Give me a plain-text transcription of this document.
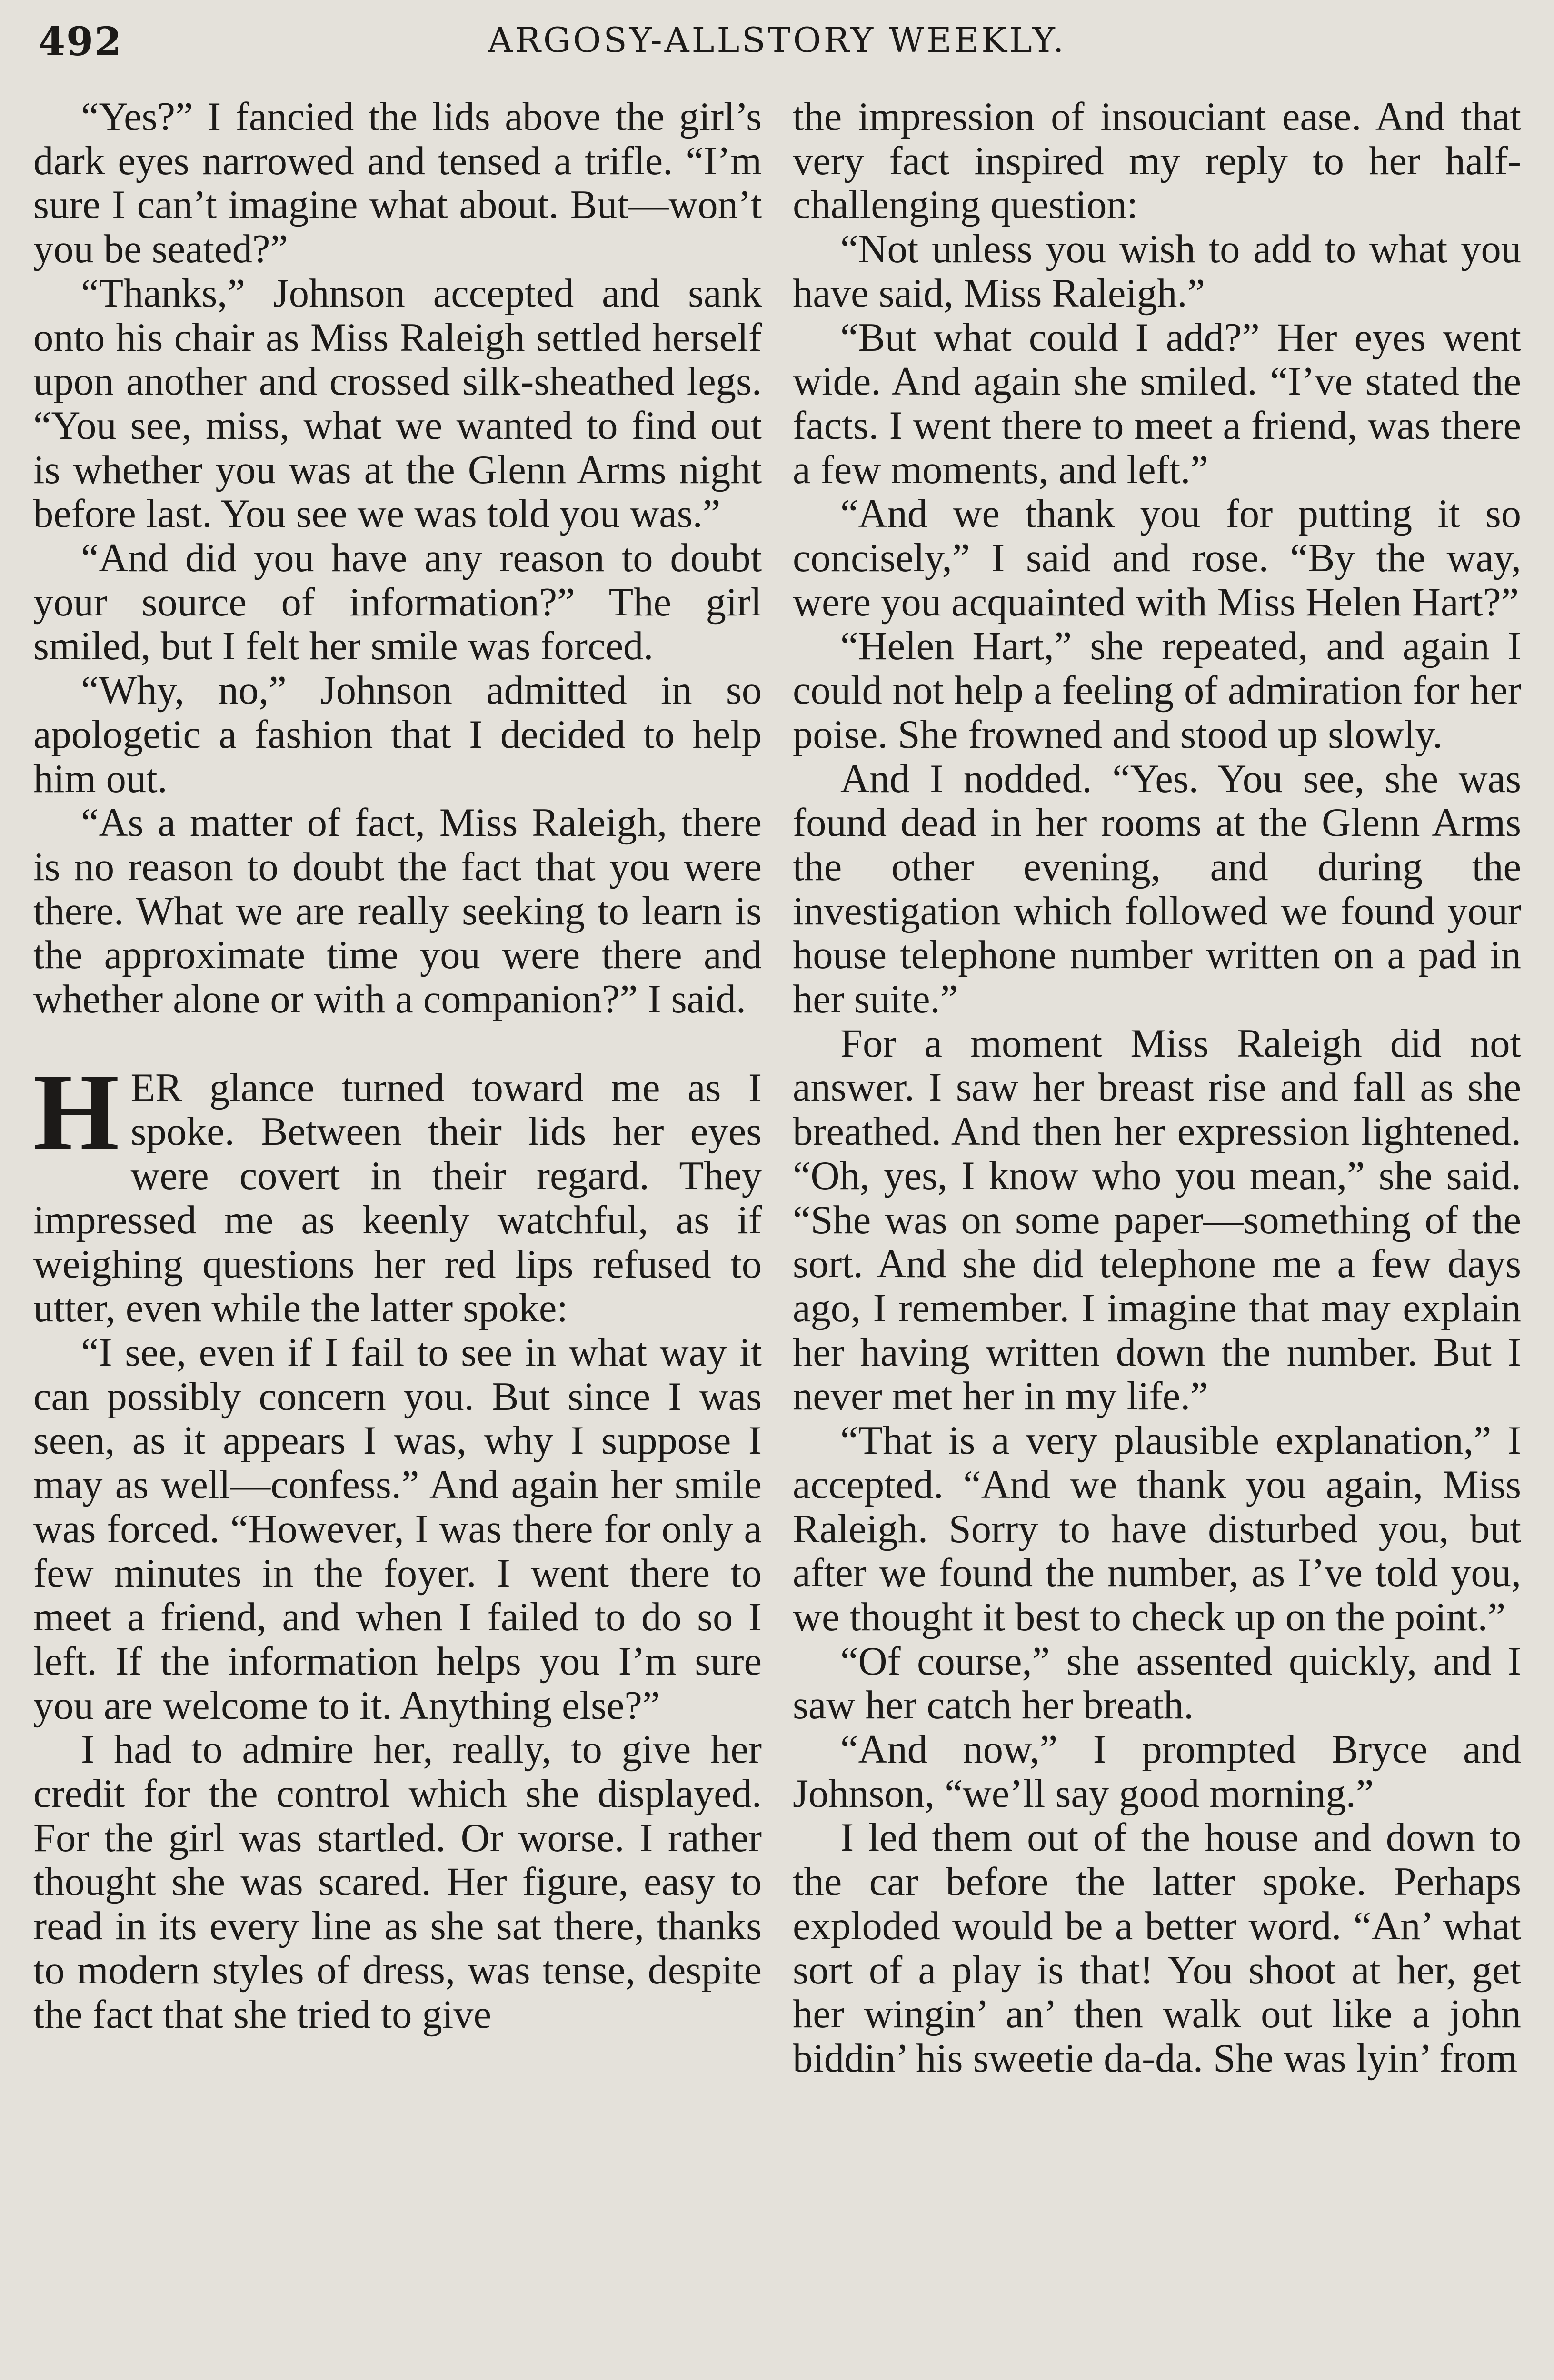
492	ARGOSY-ALLSTORY WEEKLY.

“Yes?” I fancied the lids above the girl’s dark eyes narrowed and tensed a trifle. “I’m sure I can’t imagine what about. But—won’t you be seated?”

“Thanks,” Johnson accepted and sank onto his chair as Miss Raleigh settled herself upon another and crossed silk-sheathed legs. “You see, miss, what we wanted to find out is whether you was at the Glenn Arms night before last. You see we was told you was.”

“And did you have any reason to doubt your source of information?” The girl smiled, but I felt her smile was forced.

“Why, no,” Johnson admitted in so apologetic a fashion that I decided to help him out.

“As a matter of fact, Miss Raleigh, there is no reason to doubt the fact that you were there. What we are really seeking to learn is the approximate time you were there and whether alone or with a companion?” I said.

HER glance turned toward me as I spoke. Between their lids her eyes were covert in their regard. They impressed me as keenly watchful, as if weighing questions her red lips refused to utter, even while the latter spoke:

“I see, even if I fail to see in what way it can possibly concern you. But since I was seen, as it appears I was, why I suppose I may as well—confess.” And again her smile was forced. “However, I was there for only a few minutes in the foyer. I went there to meet a friend, and when I failed to do so I left. If the information helps you I’m sure you are welcome to it. Anything else?”

I had to admire her, really, to give her credit for the control which she displayed. For the girl was startled. Or worse. I rather thought she was scared. Her figure, easy to read in its every line as she sat there, thanks to modern styles of dress, was tense, despite the fact that she tried to give

the impression of insouciant ease. And that very fact inspired my reply to her half-challenging question:

“Not unless you wish to add to what you have said, Miss Raleigh.”

“But what could I add?” Her eyes went wide. And again she smiled. “I’ve stated the facts. I went there to meet a friend, was there a few moments, and left.”

“And we thank you for putting it so concisely,” I said and rose. “By the way, were you acquainted with Miss Helen Hart?”

“Helen Hart,” she repeated, and again I could not help a feeling of admiration for her poise. She frowned and stood up slowly.

And I nodded. “Yes. You see, she was found dead in her rooms at the Glenn Arms the other evening, and during the investigation which followed we found your house telephone number written on a pad in her suite.”

For a moment Miss Raleigh did not answer. I saw her breast rise and fall as she breathed. And then her expression lightened. “Oh, yes, I know who you mean,” she said. “She was on some paper—something of the sort. And she did telephone me a few days ago, I remember. I imagine that may explain her having written down the number. But I never met her in my life.”

“That is a very plausible explanation,” I accepted. “And we thank you again, Miss Raleigh. Sorry to have disturbed you, but after we found the number, as I’ve told you, we thought it best to check up on the point.”

“Of course,” she assented quickly, and I saw her catch her breath.

“And now,” I prompted Bryce and Johnson, “we’ll say good morning.”

I led them out of the house and down to the car before the latter spoke. Perhaps exploded would be a better word. “An’ what sort of a play is that! You shoot at her, get her wingin’ an’ then walk out like a john biddin’ his sweetie da-da. She was lyin’ from
